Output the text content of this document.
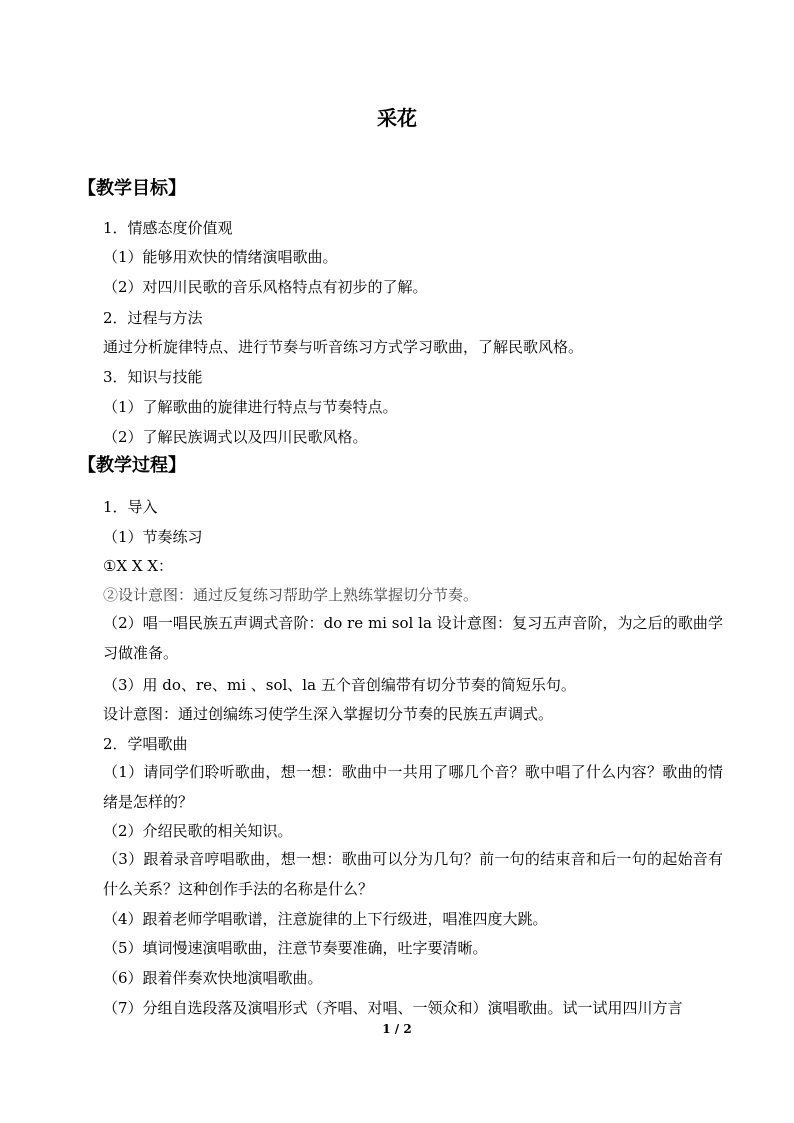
采花
【教学目标】
1．情感态度价值观
（1）能够用欢快的情绪演唱歌曲。
（2）对四川民歌的音乐风格特点有初步的了解。
2．过程与方法
通过分析旋律特点、进行节奏与听音练习方式学习歌曲，了解民歌风格。
3．知识与技能
（1）了解歌曲的旋律进行特点与节奏特点。
（2）了解民族调式以及四川民歌风格。
【教学过程】
1．导入
（1）节奏练习
①X X X：
②设计意图：通过反复练习帮助学上熟练掌握切分节奏。
（2）唱一唱民族五声调式音阶：do re mi sol la 设计意图：复习五声音阶，为之后的歌曲学习做准备。
（3）用 do、re、mi 、sol、la 五个音创编带有切分节奏的简短乐句。
设计意图：通过创编练习使学生深入掌握切分节奏的民族五声调式。
2．学唱歌曲
（1）请同学们聆听歌曲，想一想：歌曲中一共用了哪几个音？歌中唱了什么内容？歌曲的情绪是怎样的？
（2）介绍民歌的相关知识。
（3）跟着录音哼唱歌曲，想一想：歌曲可以分为几句？前一句的结束音和后一句的起始音有什么关系？这种创作手法的名称是什么？
（4）跟着老师学唱歌谱，注意旋律的上下行级进，唱准四度大跳。
（5）填词慢速演唱歌曲，注意节奏要准确，吐字要清晰。
（6）跟着伴奏欢快地演唱歌曲。
（7）分组自选段落及演唱形式（齐唱、对唱、一领众和）演唱歌曲。试一试用四川方言
1 / 2
